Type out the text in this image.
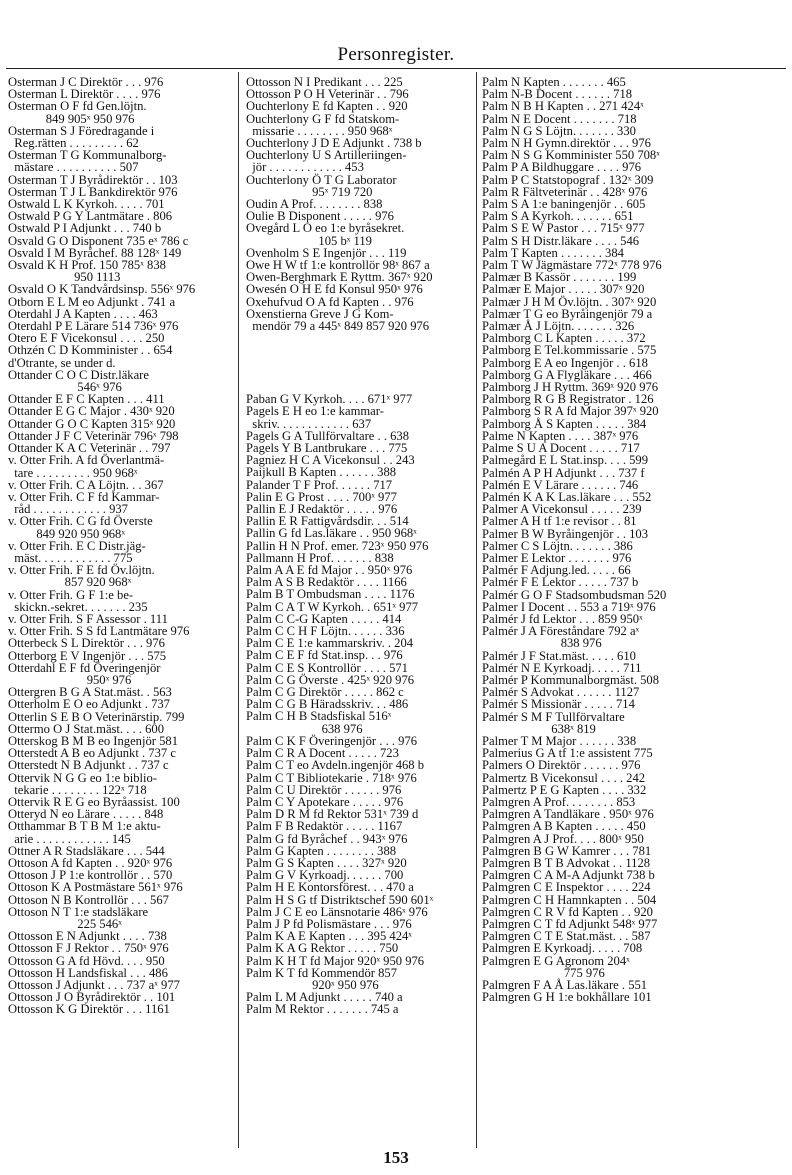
Personregister.
Osterman J C Direktör . . . 976
Osterman L Direktör . . . . 976
Osterman O F fd Gen.löjtn.
849 905ˣ 950 976
Osterman S J Föredragande i
Reg.rätten . . . . . . . . . 62
Osterman T G Kommunalborg-
mästare . . . . . . . . . . 507
Osterman T J Byrådirektör . . 103
Osterman T J L Bankdirektör 976
Ostwald L K Kyrkoh. . . . . 701
Ostwald P G Y Lantmätare . 806
Ostwald P I Adjunkt . . . 740 b
Osvald G O Disponent 735 eˣ 786 c
Osvald I M Byråchef. 88 128ˣ 149
Osvald K H Prof. 150 785ˣ 838
950 1113
Osvald O K Tandvårdsinsp. 556ˣ 976
Otborn E L M eo Adjunkt . 741 a
Oterdahl J A Kapten . . . . 463
Oterdahl P E Lärare 514 736ˣ 976
Otero E F Vicekonsul . . . . 250
Othzén C D Komminister . . 654
d'Otrante, se under d.
Ottander C O C Distr.läkare
546ˣ 976
Ottander E F C Kapten . . . 411
Ottander E G C Major . 430ˣ 920
Ottander G O C Kapten 315ˣ 920
Ottander J F C Veterinär 796ˣ 798
Ottander K A C Veterinär . . 797
v. Otter Frih. A fd Överlantmä-
tare . . . . . . . . . 950 968ˣ
v. Otter Frih. C A Löjtn. . . 367
v. Otter Frih. C F fd Kammar-
råd . . . . . . . . . . . . 937
v. Otter Frih. C G fd Överste
849 920 950 968ˣ
v. Otter Frih. E C Distr.jäg-
mäst. . . . . . . . . . . . 775
v. Otter Frih. F E fd Öv.löjtn.
857 920 968ˣ
v. Otter Frih. G F 1:e be-
skickn.-sekret. . . . . . . 235
v. Otter Frih. S F Assessor . 111
v. Otter Frih. S S fd Lantmätare 976
Otterbeck S L Direktör . . . 976
Otterborg E V Ingenjör . . . 575
Otterdahl E F fd Överingenjör
950ˣ 976
Ottergren B G A Stat.mäst. . 563
Otterholm E O eo Adjunkt . 737
Otterlin S E B O Veterinärstip. 799
Ottermo O J Stat.mäst. . . . 600
Otterskog B M B eo Ingenjör 581
Otterstedt A B eo Adjunkt . 737 c
Otterstedt N B Adjunkt . . 737 c
Ottervik N G G eo 1:e biblio-
tekarie . . . . . . . . 122ˣ 718
Ottervik R E G eo Byråassist. 100
Otteryd N eo Lärare . . . . . 848
Otthammar B T B M 1:e aktu-
arie . . . . . . . . . . . . 145
Ottner A R Stadsläkare . . . 544
Ottoson A fd Kapten . . 920ˣ 976
Ottoson J P 1:e kontrollör . . 570
Ottoson K A Postmästare 561ˣ 976
Ottoson N B Kontrollör . . . 567
Ottoson N T 1:e stadsläkare
225 546ˣ
Ottosson E N Adjunkt . . . . 738
Ottosson F J Rektor . . 750ˣ 976
Ottosson G A fd Hövd. . . . 950
Ottosson H Landsfiskal . . . 486
Ottosson J Adjunkt . . . 737 aˣ 977
Ottosson J O Byrådirektör . . 101
Ottosson K G Direktör . . . 1161
Ottosson N I Predikant . . . 225
Ottosson P O H Veterinär . . 796
Ouchterlony E fd Kapten . . 920
Ouchterlony G F fd Statskom-
missarie . . . . . . . . 950 968ˣ
Ouchterlony J D E Adjunkt . 738 b
Ouchterlony U S Artilleriingen-
jör . . . . . . . . . . . . 453
Ouchterlony Ö T G Laborator
95ˣ 719 720
Oudin A Prof. . . . . . . . 838
Oulie B Disponent . . . . . 976
Ovegård L O eo 1:e byråsekret.
105 bˣ 119
Ovenholm S E Ingenjör . . . 119
Owe H W tf 1:e kontrollör 98ˣ 867 a
Owen-Berghmark E Ryttm. 367ˣ 920
Owesén O H E fd Konsul 950ˣ 976
Oxehufvud O A fd Kapten . . 976
Oxenstierna Greve J G Kom-
mendör 79 a 445ˣ 849 857 920 976
Paban G V Kyrkoh. . . . 671ˣ 977
Pagels E H eo 1:e kammar-
skriv. . . . . . . . . . . . 637
Pagels G A Tullförvaltare . . 638
Pagels Y B Lantbrukare . . . 775
Pagniez H C A Vicekonsul . . 243
Paijkull B Kapten . . . . . . 388
Palander T F Prof. . . . . . 717
Palin E G Prost . . . . 700ˣ 977
Pallin E J Redaktör . . . . . 976
Pallin E R Fattigvårdsdir. . . 514
Pallin G fd Las.läkare . . 950 968ˣ
Pallin H N Prof. emer. 723ˣ 950 976
Pallmann H Prof. . . . . . . 838
Palm A A E fd Major . . 950ˣ 976
Palm A S B Redaktör . . . . 1166
Palm B T Ombudsman . . . . 1176
Palm C A T W Kyrkoh. . 651ˣ 977
Palm C C-G Kapten . . . . . 414
Palm C C H F Löjtn. . . . . . 336
Palm C E 1:e kammarskriv. . 204
Palm C E F fd Stat.insp. . . 976
Palm C E S Kontrollör . . . . 571
Palm C G Överste . 425ˣ 920 976
Palm C G Direktör . . . . . 862 c
Palm C G B Häradsskriv. . . 486
Palm C H B Stadsfiskal 516ˣ
638 976
Palm C K F Överingenjör . . . 976
Palm C R A Docent . . . . . 723
Palm C T eo Avdeln.ingenjör 468 b
Palm C T Bibliotekarie . 718ˣ 976
Palm C U Direktör . . . . . . 976
Palm C Y Apotekare . . . . . 976
Palm D R M fd Rektor 531ˣ 739 d
Palm F B Redaktör . . . . . 1167
Palm G fd Byråchef . . 943ˣ 976
Palm G Kapten . . . . . . . . 388
Palm G S Kapten . . . . 327ˣ 920
Palm G V Kyrkoadj. . . . . . 700
Palm H E Kontorsförest. . . 470 a
Palm H S G tf Distriktschef 590 601ˣ
Palm J C E eo Länsnotarie 486ˣ 976
Palm J P fd Polismästare . . . 976
Palm K A E Kapten . . . 395 424ˣ
Palm K A G Rektor . . . . . 750
Palm K H T fd Major 920ˣ 950 976
Palm K T fd Kommendör 857
920ˣ 950 976
Palm L M Adjunkt . . . . . 740 a
Palm M Rektor . . . . . . . 745 a
Palm N Kapten . . . . . . . 465
Palm N-B Docent . . . . . . 718
Palm N B H Kapten . . 271 424ˣ
Palm N E Docent . . . . . . . 718
Palm N G S Löjtn. . . . . . . 330
Palm N H Gymn.direktör . . . 976
Palm N S G Komminister 550 708ˣ
Palm P A Bildhuggare . . . . 976
Palm P C Statstopograf . 132ˣ 309
Palm R Fältveterinär . . 428ˣ 976
Palm S A 1:e baningenjör . . 605
Palm S A Kyrkoh. . . . . . . 651
Palm S E W Pastor . . . 715ˣ 977
Palm S H Distr.läkare . . . . 546
Palm T Kapten . . . . . . . 384
Palm T W Jägmästare 772ˣ 778 976
Palmær B Kassör . . . . . . . 199
Palmær E Major . . . . . 307ˣ 920
Palmær J H M Öv.löjtn. . 307ˣ 920
Palmær T G eo Byråingenjör 79 a
Palmær Å J Löjtn. . . . . . . 326
Palmborg C L Kapten . . . . . 372
Palmborg E Tel.kommissarie . 575
Palmborg E A eo Ingenjör . . 618
Palmborg G A Flygläkare . . . 466
Palmborg J H Ryttm. 369ˣ 920 976
Palmborg R G B Registrator . 126
Palmborg S R A fd Major 397ˣ 920
Palmborg Å S Kapten . . . . . 384
Palme N Kapten . . . . 387ˣ 976
Palme S U A Docent . . . . . 717
Palmegård E L Stat.insp. . . . 599
Palmén A P H Adjunkt . . . 737 f
Palmén E V Lärare . . . . . . 746
Palmén K A K Las.läkare . . . 552
Palmer A Vicekonsul . . . . . 239
Palmer A H tf 1:e revisor . . 81
Palmer B W Byråingenjör . . 103
Palmer C S Löjtn. . . . . . . 386
Palmer E Lektor . . . . . . . 976
Palmér F Adjung.led. . . . . 66
Palmér F E Lektor . . . . . 737 b
Palmér G O F Stadsombudsman 520
Palmer I Docent . . 553 a 719ˣ 976
Palmér J fd Lektor . . . 859 950ˣ
Palmér J A Föreståndare 792 aˣ
838 976
Palmér J F Stat.mäst. . . . . 610
Palmér N E Kyrkoadj. . . . . 711
Palmér P Kommunalborgmäst. 508
Palmér S Advokat . . . . . . 1127
Palmér S Missionär . . . . . 714
Palmér S M F Tullförvaltare
638ˣ 819
Palmer T M Major . . . . . . 338
Palmerius G A tf 1:e assistent 775
Palmers O Direktör . . . . . . 976
Palmertz B Vicekonsul . . . . 242
Palmertz P E G Kapten . . . . 332
Palmgren A Prof. . . . . . . . 853
Palmgren A Tandläkare . 950ˣ 976
Palmgren A B Kapten . . . . . 450
Palmgren A J Prof. . . . 800ˣ 950
Palmgren B G W Kamrer . . . 781
Palmgren B T B Advokat . . 1128
Palmgren C A M-A Adjunkt 738 b
Palmgren C E Inspektor . . . . 224
Palmgren C H Hamnkapten . . 504
Palmgren C R V fd Kapten . . 920
Palmgren C T fd Adjunkt 548ˣ 977
Palmgren C T E Stat.mäst. . . 587
Palmgren E Kyrkoadj. . . . . 708
Palmgren E G Agronom 204ˣ
775 976
Palmgren F A Å Las.läkare . 551
Palmgren G H 1:e bokhållare 101
153
